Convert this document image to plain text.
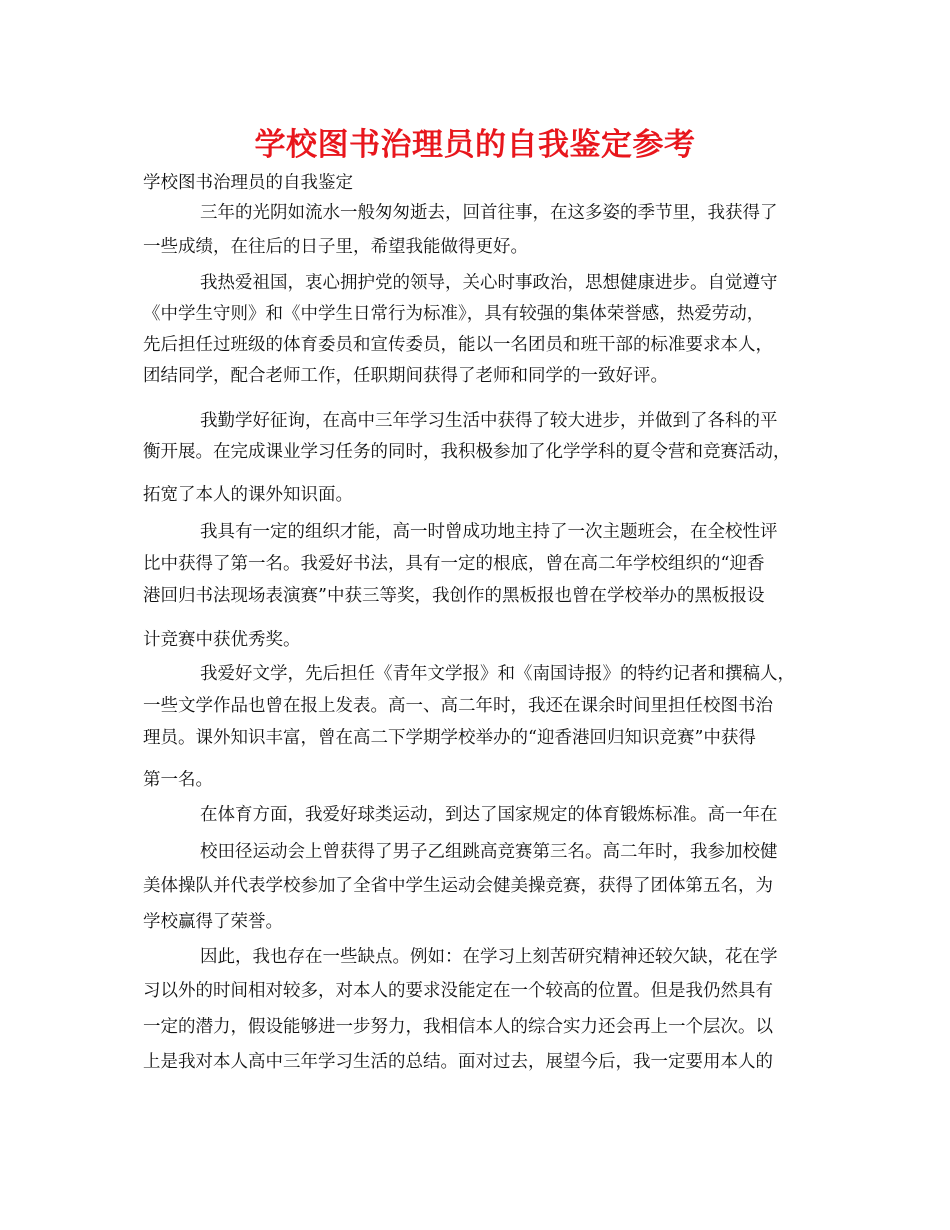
学校图书治理员的自我鉴定参考
学校图书治理员的自我鉴定
三年的光阴如流水一般匆匆逝去，回首往事，在这多姿的季节里，我获得了
一些成绩，在往后的日子里，希望我能做得更好。
我热爱祖国，衷心拥护党的领导，关心时事政治，思想健康进步。自觉遵守
《中学生守则》和《中学生日常行为标准》，具有较强的集体荣誉感，热爱劳动，
先后担任过班级的体育委员和宣传委员，能以一名团员和班干部的标准要求本人，
团结同学，配合老师工作，任职期间获得了老师和同学的一致好评。
我勤学好征询，在高中三年学习生活中获得了较大进步，并做到了各科的平
衡开展。在完成课业学习任务的同时，我积极参加了化学学科的夏令营和竞赛活动，
拓宽了本人的课外知识面。
我具有一定的组织才能，高一时曾成功地主持了一次主题班会，在全校性评
比中获得了第一名。我爱好书法，具有一定的根底，曾在高二年学校组织的“迎香
港回归书法现场表演赛”中获三等奖，我创作的黑板报也曾在学校举办的黑板报设
计竞赛中获优秀奖。
我爱好文学，先后担任《青年文学报》和《南国诗报》的特约记者和撰稿人，
一些文学作品也曾在报上发表。高一、高二年时，我还在课余时间里担任校图书治
理员。课外知识丰富，曾在高二下学期学校举办的“迎香港回归知识竞赛”中获得
第一名。
在体育方面，我爱好球类运动，到达了国家规定的体育锻炼标准。高一年在
校田径运动会上曾获得了男子乙组跳高竞赛第三名。高二年时，我参加校健
美体操队并代表学校参加了全省中学生运动会健美操竞赛，获得了团体第五名，为
学校赢得了荣誉。
因此，我也存在一些缺点。例如：在学习上刻苦研究精神还较欠缺，花在学
习以外的时间相对较多，对本人的要求没能定在一个较高的位置。但是我仍然具有
一定的潜力，假设能够进一步努力，我相信本人的综合实力还会再上一个层次。以
上是我对本人高中三年学习生活的总结。面对过去，展望今后，我一定要用本人的
